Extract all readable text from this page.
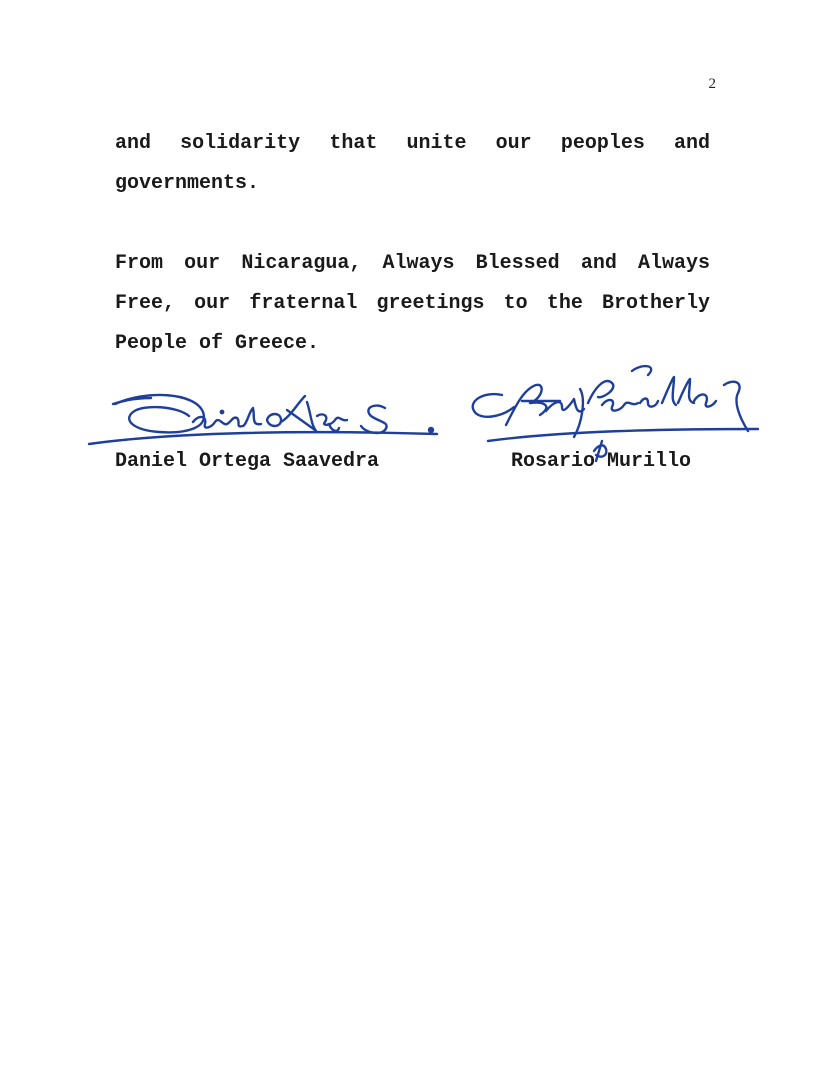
2
and solidarity that unite our peoples and
governments.
From our Nicaragua, Always Blessed and Always
Free, our fraternal greetings to the Brotherly
People of Greece.
Daniel Ortega Saavedra	Rosario Murillo
